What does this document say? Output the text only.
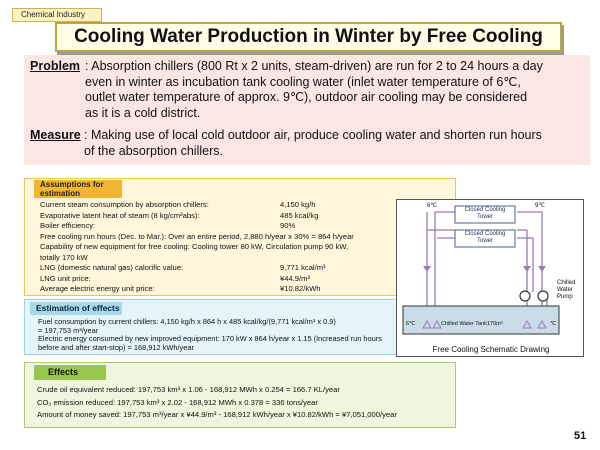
Chemical Industry
Cooling Water Production in Winter by Free Cooling
Problem : Absorption chillers (800 Rt x 2 units, steam-driven) are run for 2 to 24 hours a day
even in winter as incubation tank cooling water (inlet water temperature of 6℃,
outlet water temperature of approx. 9℃), outdoor air cooling may be considered
as it is a cold district.
Measure : Making use of local cold outdoor air, produce cooling water and shorten run hours
of the absorption chillers.
Assumptions for
estimation
Current steam consumption by absorption chillers:	4,150 kg/h
Evaporative latent heat of steam (8 kg/cm²abs):	485 kcal/kg
Boiler efficiency:	90%
Free cooling run hours (Dec. to Mar.): Over an entire period, 2,880 h/year x 30% = 864 h/year
Capability of new equipment for free cooling: Cooling tower 80 kW, Circulation pump 90 kW,
totally 170 kW
LNG (domestic natural gas) calorific value:	9,771 kcal/m³
LNG unit price:	¥44.9/m³
Average electric energy unit price:	¥10.82/kWh
Estimation of effects
Fuel consumption by current chillers: 4,150 kg/h x 864 h x 485 kcal/kg/(9,771 kcal/m³ x 0.9)
= 197,753 m³/year
Electric energy consumed by new improved equipment: 170 kW x 864 h/year x 1.15 (Increased run hours
before and after start-stop) = 168,912 kWh/year
Effects
Crude oil equivalent reduced: 197,753 km³ x 1.06 - 168,912 MWh x 0.254 = 166.7 KL/year
CO₂ emission reduced: 197,753 km³ x 2.02 - 168,912 MWh x 0.378 = 336 tons/year
Amount of money saved: 197,753 m³/year x ¥44.9/m³ - 168,912 kWh/year x ¥10.82/kWh = ¥7,051,000/year
6℃	9℃
Closed Cooling
Tower
Closed Cooling
Tower
Chilled
Water
Pump
6℃	Chilled Water Tank 170m³	℃
Free Cooling Schematic Drawing
51
